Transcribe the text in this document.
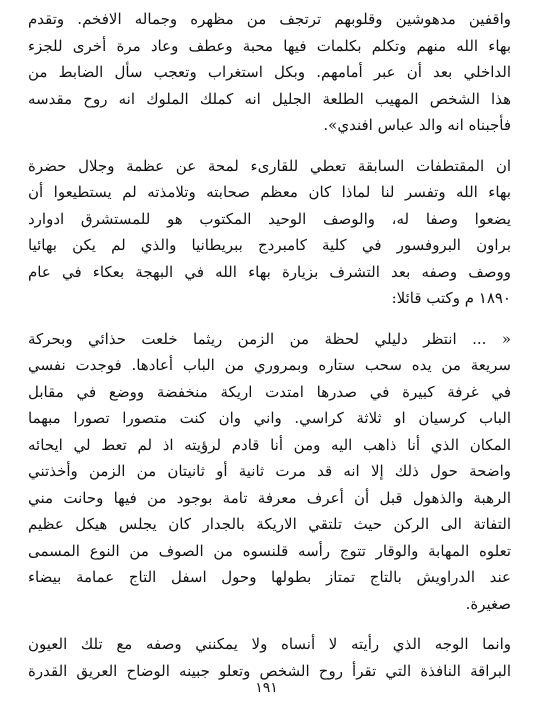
واقفين مدهوشين وقلوبهم ترتجف من مظهره وجماله الافخم. وتقدم
بهاء الله منهم وتكلم بكلمات فيها محبة وعطف وعاد مرة أخرى للجزء
الداخلي بعد أن عبر أمامهم. وبكل استغراب وتعجب سأل الضابط من
هذا الشخص المهيب الطلعة الجليل انه كملك الملوك انه روح مقدسه
فأجبناه انه والد عباس افندي».
ان المقتطفات السابقة تعطي للقارىء لمحة عن عظمة وجلال حضرة
بهاء الله وتفسر لنا لماذا كان معظم صحابته وتلامذته لم يستطيعوا أن
يضعوا وصفا له، والوصف الوحيد المكتوب هو للمستشرق ادوارد
براون البروفسور في كلية كامبردج ببريطانيا والذي لم يكن بهائيا
ووصف وصفه بعد التشرف بزيارة بهاء الله في البهجة بعكاء في عام
١٨٩٠ م وكتب قائلا:
« ... انتظر دليلي لحظة من الزمن ريثما خلعت حذائي وبحركة
سريعة من يده سحب ستاره وبمروري من الباب أعادها. فوجدت نفسي
في غرفة كبيرة في صدرها امتدت اريكة منخفضة ووضع في مقابل
الباب كرسيان او ثلاثة كراسي. واني وان كنت متصورا تصورا مبهما
المكان الذي أنا ذاهب اليه ومن أنا قادم لرؤيته اذ لم تعط لي ايحائه
واضحة حول ذلك إلا انه قد مرت ثانية أو ثانيتان من الزمن وأخذتني
الرهبة والذهول قبل أن أعرف معرفة تامة بوجود من فيها وحانت مني
التفاتة الى الركن حيث تلتقي الاريكة بالجدار كان يجلس هيكل عظيم
تعلوه المهابة والوقار تتوج رأسه قلنسوه من الصوف من النوع المسمى
عند الدراويش بالتاج تمتاز بطولها وحول اسفل التاج عمامة بيضاء
صغيرة.
وانما الوجه الذي رأيته لا أنساه ولا يمكنني وصفه مع تلك العيون
البراقة النافذة التي تقرأ روح الشخص وتعلو جبينه الوضاح العريق القدرة
١٩١
